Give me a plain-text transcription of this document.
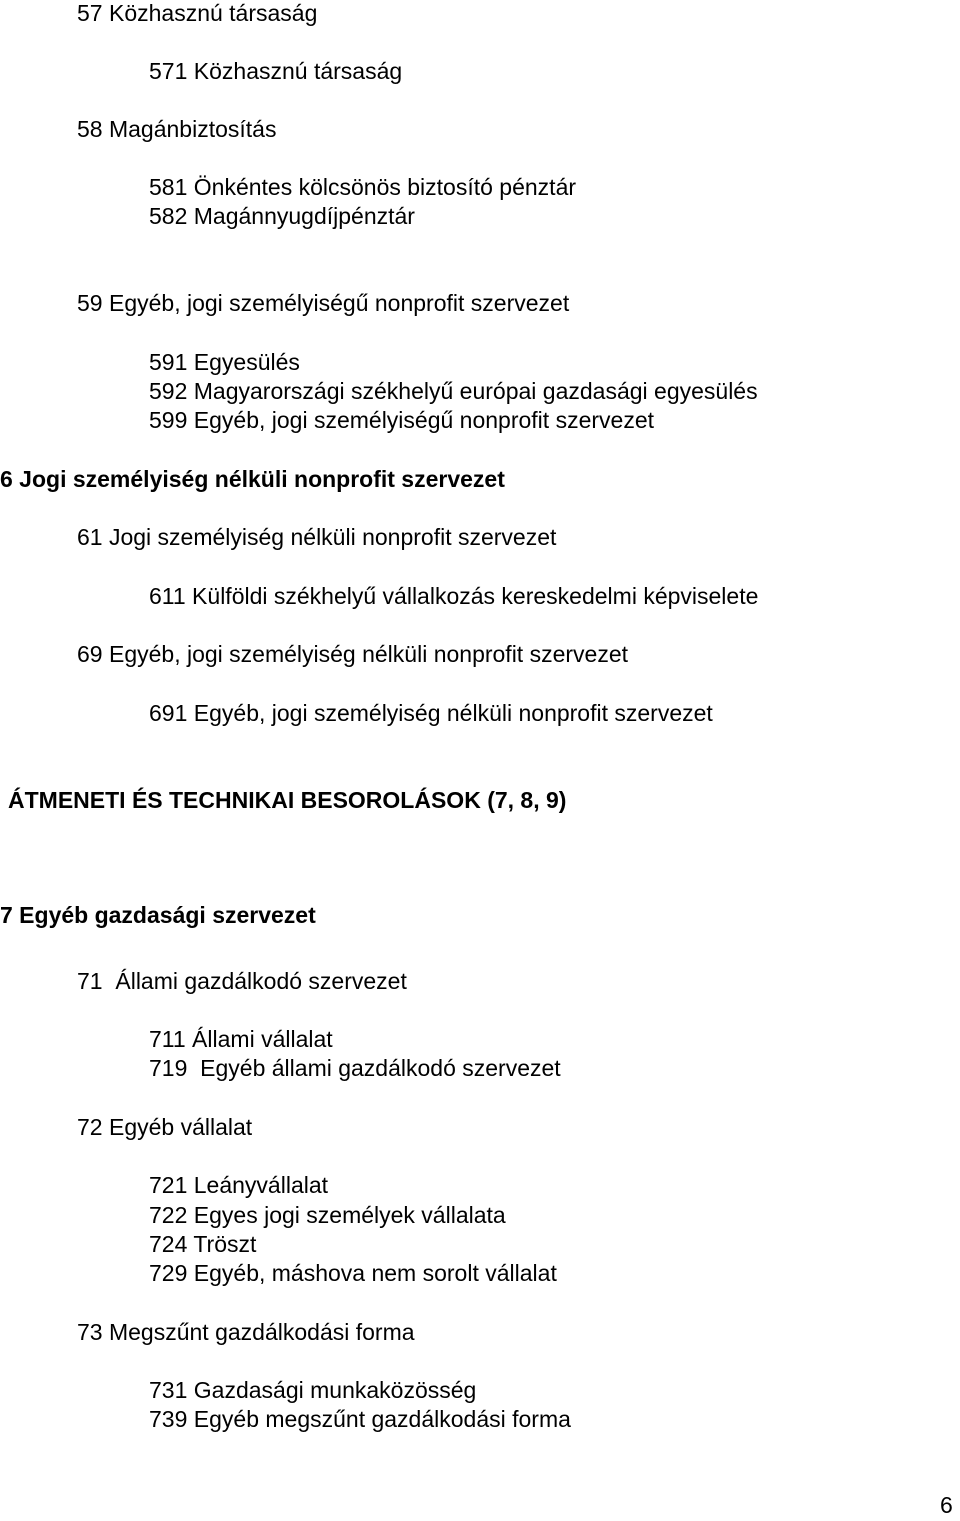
57 Közhasznú társaság
571 Közhasznú társaság
58 Magánbiztosítás
581 Önkéntes kölcsönös biztosító pénztár
582 Magánnyugdíjpénztár
59 Egyéb, jogi személyiségű nonprofit szervezet
591 Egyesülés
592 Magyarországi székhelyű európai gazdasági egyesülés
599 Egyéb, jogi személyiségű nonprofit szervezet
6 Jogi személyiség nélküli nonprofit szervezet
61 Jogi személyiség nélküli nonprofit szervezet
611 Külföldi székhelyű vállalkozás kereskedelmi képviselete
69 Egyéb, jogi személyiség nélküli nonprofit szervezet
691 Egyéb, jogi személyiség nélküli nonprofit szervezet
ÁTMENETI ÉS TECHNIKAI BESOROLÁSOK (7, 8, 9)
7 Egyéb gazdasági szervezet
71  Állami gazdálkodó szervezet
711 Állami vállalat
719  Egyéb állami gazdálkodó szervezet
72 Egyéb vállalat
721 Leányvállalat
722 Egyes jogi személyek vállalata
724 Tröszt
729 Egyéb, máshova nem sorolt vállalat
73 Megszűnt gazdálkodási forma
731 Gazdasági munkaközösség
739 Egyéb megszűnt gazdálkodási forma
6
